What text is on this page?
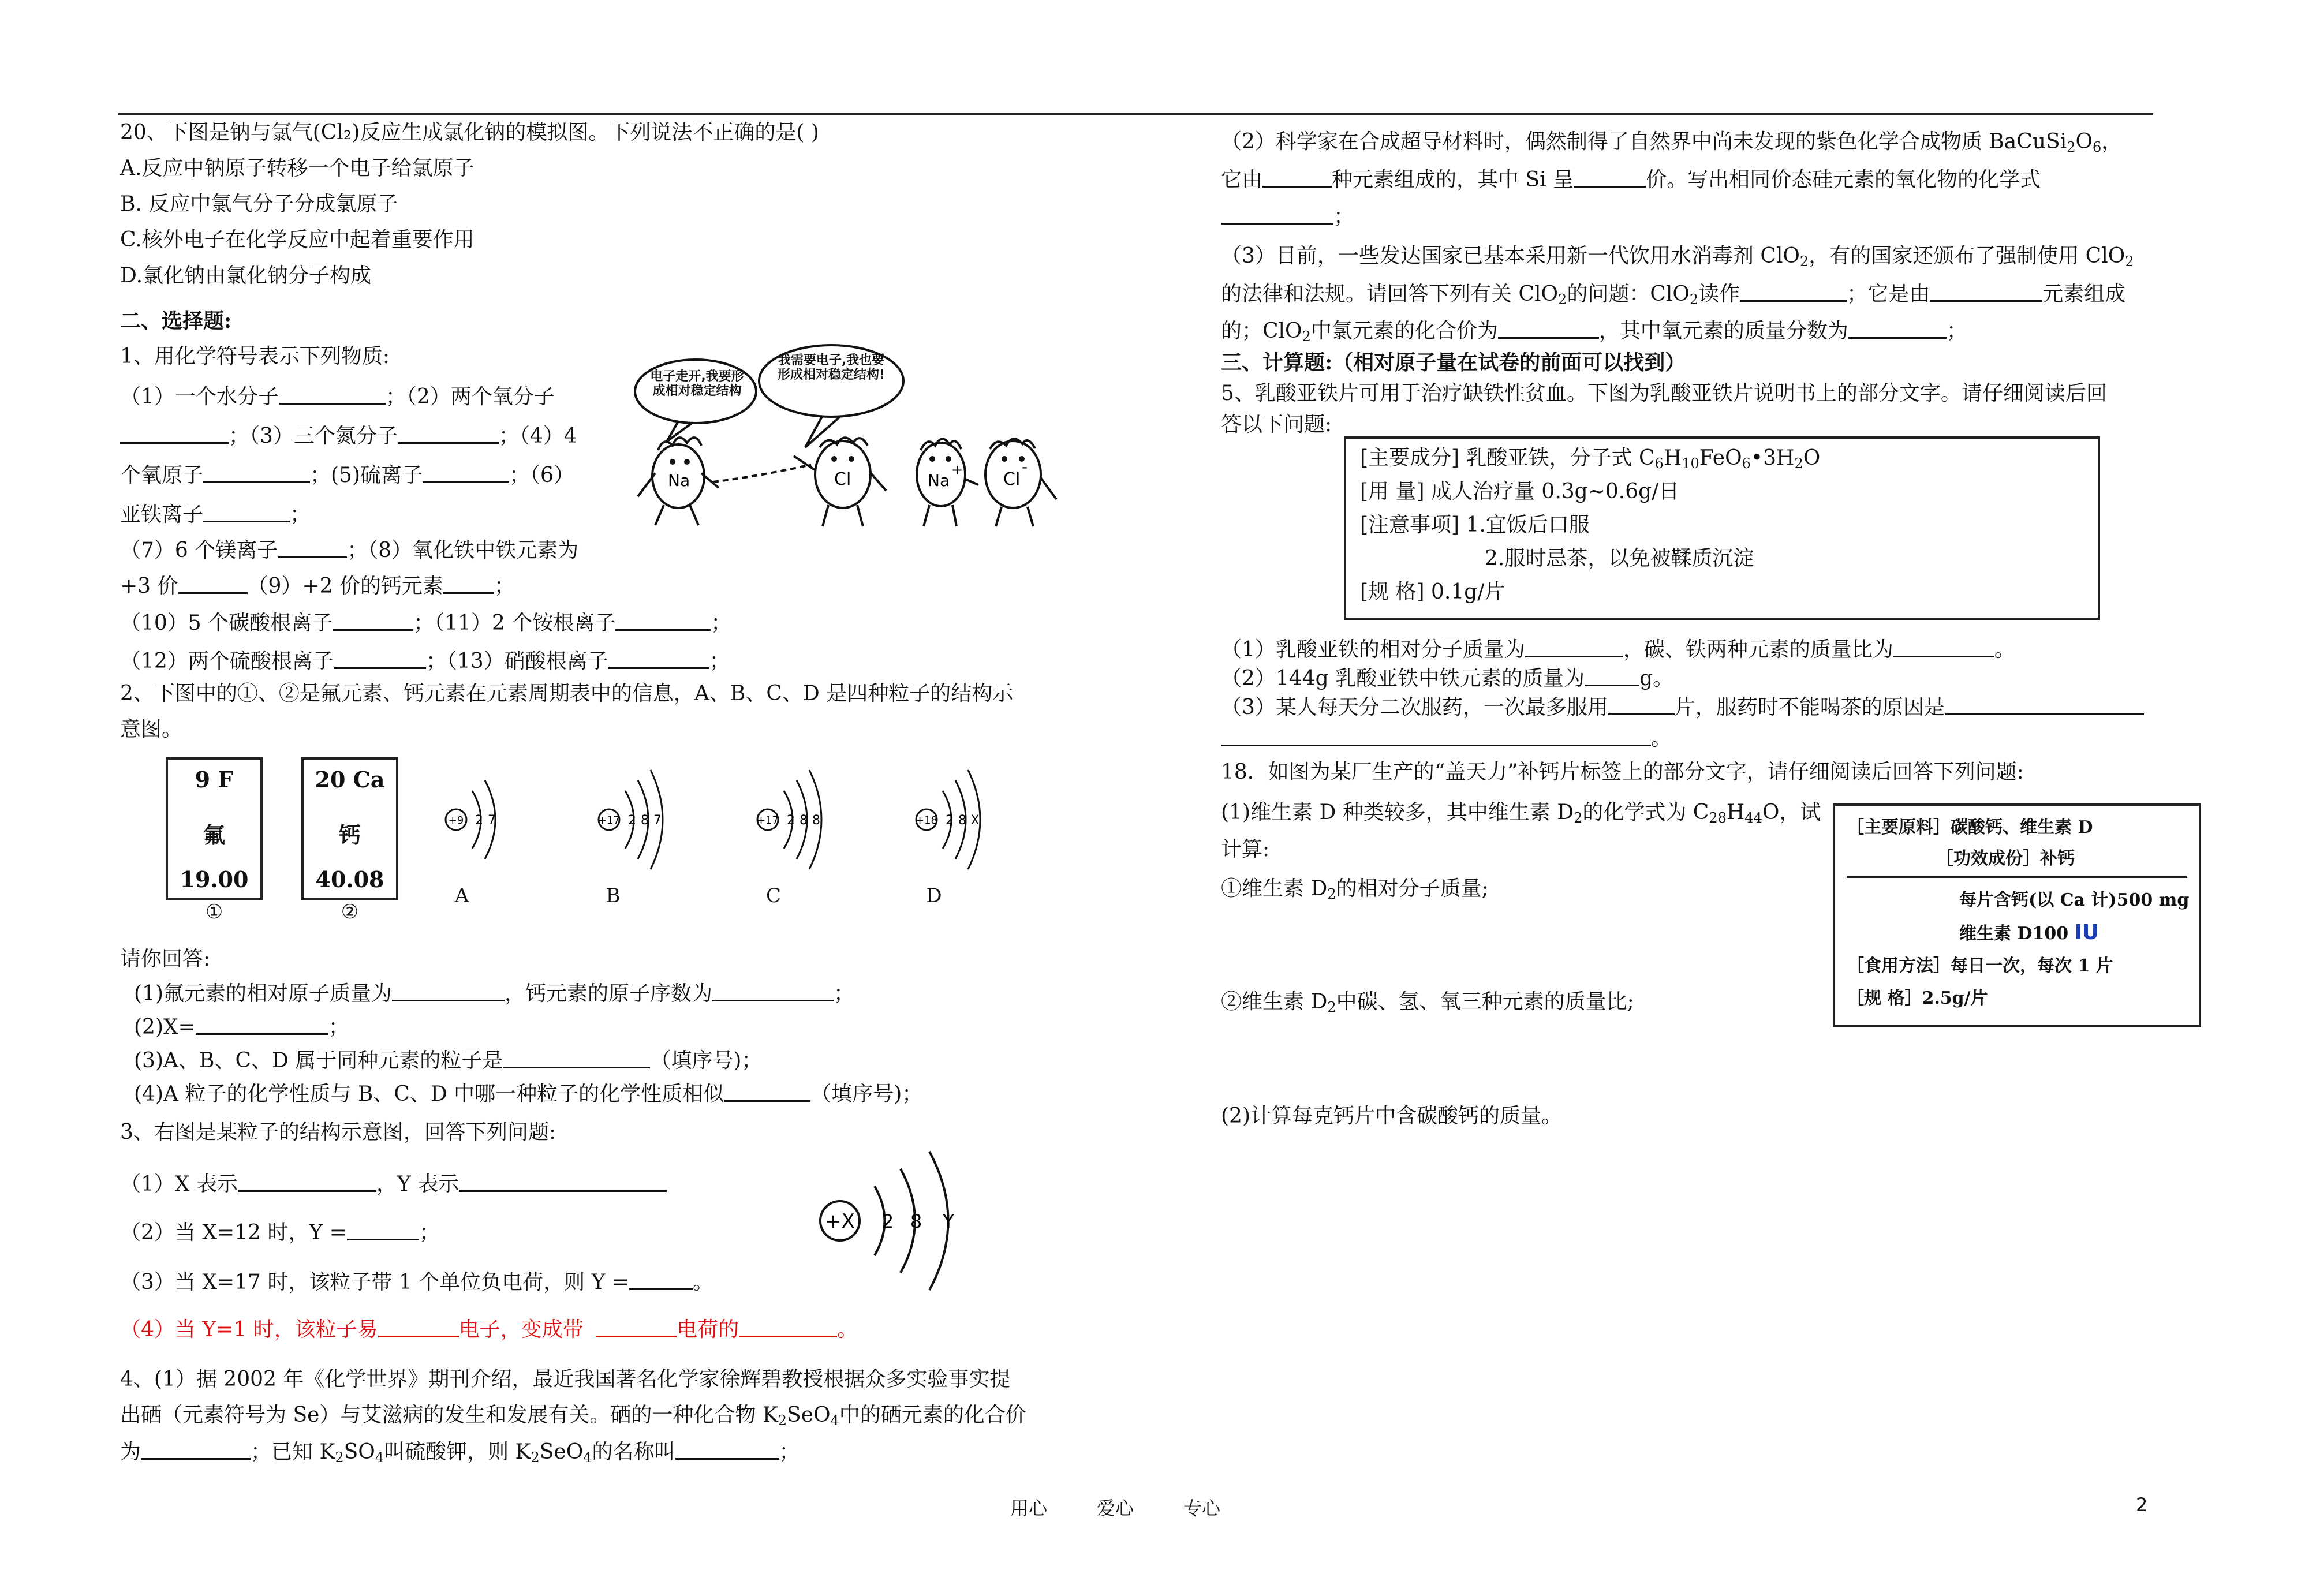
20、下图是钠与氯气(Cl₂)反应生成氯化钠的模拟图。下列说法不正确的是( )
A.反应中钠原子转移一个电子给氯原子
B. 反应中氯气分子分成氯原子
C.核外电子在化学反应中起着重要作用
D.氯化钠由氯化钠分子构成
二、选择题:
1、用化学符号表示下列物质:
（1）一个水分子	；（2）两个氧分子
；（3）三个氮分子	；（4）4
个氧原子	；(5)硫离子	；（6）
亚铁离子	；
（7）6 个镁离子	；（8）氧化铁中铁元素为
+3 价	（9）+2 价的钙元素 ；
（10）5 个碳酸根离子	；（11）2 个铵根离子	；
（12）两个硫酸根离子	；（13）硝酸根离子	；
电子走开,我要形成相对稳定结构
我需要电子,我也要形成相对稳定结构!
Na	Cl	Na
+ Cl
-
2、下图中的①、②是氟元素、钙元素在元素周期表中的信息，A、B、C、D 是四种粒子的结构示
意图。
9 F
氟
19.00
①
20 Ca
钙
40.08
②
+9 2 7	+17 2 8 7	+17 2 8 8	+18 2 8 X
A	B	C	D
请你回答:
(1)氟元素的相对原子质量为	，钙元素的原子序数为	；
(2)X=	；
(3)A、B、C、D 属于同种元素的粒子是	（填序号)；
(4)A 粒子的化学性质与 B、C、D 中哪一种粒子的化学性质相似	（填序号)；
3、右图是某粒子的结构示意图，回答下列问题:
（1）X 表示	，Y 表示
（2）当 X=12 时，Y =	；
（3）当 X=17 时，该粒子带 1 个单位负电荷，则 Y =	。
（4）当 Y=1 时，该粒子易	电子，变成带	电荷的	。
+X 2 8 Y
4、(1）据 2002 年《化学世界》期刊介绍，最近我国著名化学家徐辉碧教授根据众多实验事实提
出硒（元素符号为 Se）与艾滋病的发生和发展有关。硒的一种化合物 $K_2SeO_4$中的硒元素的化合价
为	；已知 $K_2SO_4$叫硫酸钾，则 $K_2SeO_4$的名称叫	；
（2）科学家在合成超导材料时，偶然制得了自然界中尚未发现的紫色化学合成物质 $BaCuSi_2O_6$，
它由	种元素组成的，其中 Si 呈	价。写出相同价态硅元素的氧化物的化学式
；
（3）目前，一些发达国家已基本采用新一代饮用水消毒剂 ClO$_2$，有的国家还颁布了强制使用 ClO$_2$
的法律和法规。请回答下列有关 ClO$_2$的问题：ClO$_2$读作	；它是由	元素组成
的；ClO$_2$中氯元素的化合价为	，其中氧元素的质量分数为	；
三、计算题:（相对原子量在试卷的前面可以找到）
5、乳酸亚铁片可用于治疗缺铁性贫血。下图为乳酸亚铁片说明书上的部分文字。请仔细阅读后回
答以下问题:
[主要成分] 乳酸亚铁，分子式 $C_6H_{10}FeO_6•3H_2O$
[用 量] 成人治疗量 0.3g~0.6g/日
[注意事项] 1.宜饭后口服
2.服时忌茶，以免被鞣质沉淀
[规 格] 0.1g/片
（1）乳酸亚铁的相对分子质量为	，碳、铁两种元素的质量比为	。
（2）144g 乳酸亚铁中铁元素的质量为	g。
（3）某人每天分二次服药，一次最多服用	片，服药时不能喝茶的原因是
。
18．如图为某厂生产的“盖天力”补钙片标签上的部分文字，请仔细阅读后回答下列问题:
(1)维生素 D 种类较多，其中维生素 $D_2$的化学式为 $C_{28}H_{44}O$，试
计算:
①维生素 $D_2$的相对分子质量;
②维生素 $D_2$中碳、氢、氧三种元素的质量比;
(2)计算每克钙片中含碳酸钙的质量。
［主要原料］碳酸钙、维生素 D
［功效成份］补钙
每片含钙(以 Ca 计)500 mg
维生素 D100 IU
［食用方法］每日一次，每次 1 片
［规 格］2.5g/片
用心	爱心	专心	2
